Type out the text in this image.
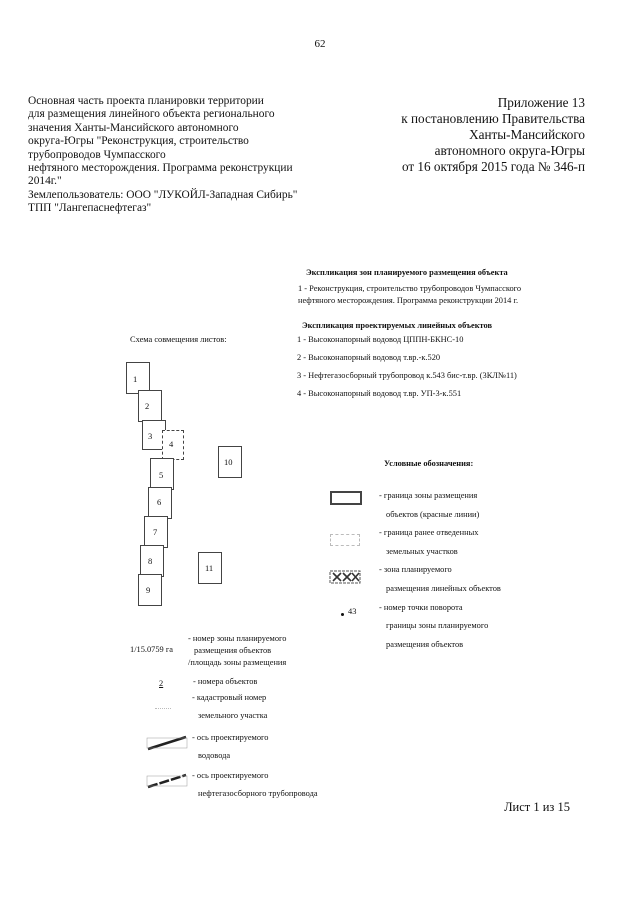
62
Основная часть проекта планировки территории
для размещения линейного объекта регионального
значения Ханты-Мансийского автономного
округа-Югры "Реконструкция, строительство
трубопроводов Чумпасского
нефтяного месторождения. Программа реконструкции
2014г."
Землепользователь: ООО "ЛУКОЙЛ-Западная Сибирь"
ТПП "Лангепаснефтегаз"
Приложение 13
к постановлению Правительства
Ханты-Мансийского
автономного округа-Югры
от 16 октября 2015 года № 346-п
Экспликация зон планируемого размещения объекта
1 - Реконструкция, строительство трубопроводов Чумпасского
нефтяного месторождения. Программа реконструкции 2014 г.
Экспликация проектируемых линейных объектов
1 - Высоконапорный водовод ЦППН-БКНС-10
2 - Высоконапорный водовод т.вр.-к.520
3 - Нефтегазосборный трубопровод к.543 бис-т.вр. (3КЛ№11)
4 - Высоконапорный водовод т.вр. УП-3-к.551
Схема совмещения листов:
1
2
3
4
5
6
7
8
9
10
11
Условные обозначения:
43
- граница зоны размещения
объектов (красные линии)
- граница ранее отведенных
земельных участков
- зона планируемого
размещения линейных объектов
- номер точки поворота
границы зоны планируемого
размещения объектов
1/15.0759 га
- номер зоны планируемого
размещения объектов
/площадь зоны размещения
2	- номера объектов
- кадастровый номер
земельного участка
- ось проектируемого
водовода
- ось проектируемого
нефтегазосборного трубопровода
Лист 1 из 15
